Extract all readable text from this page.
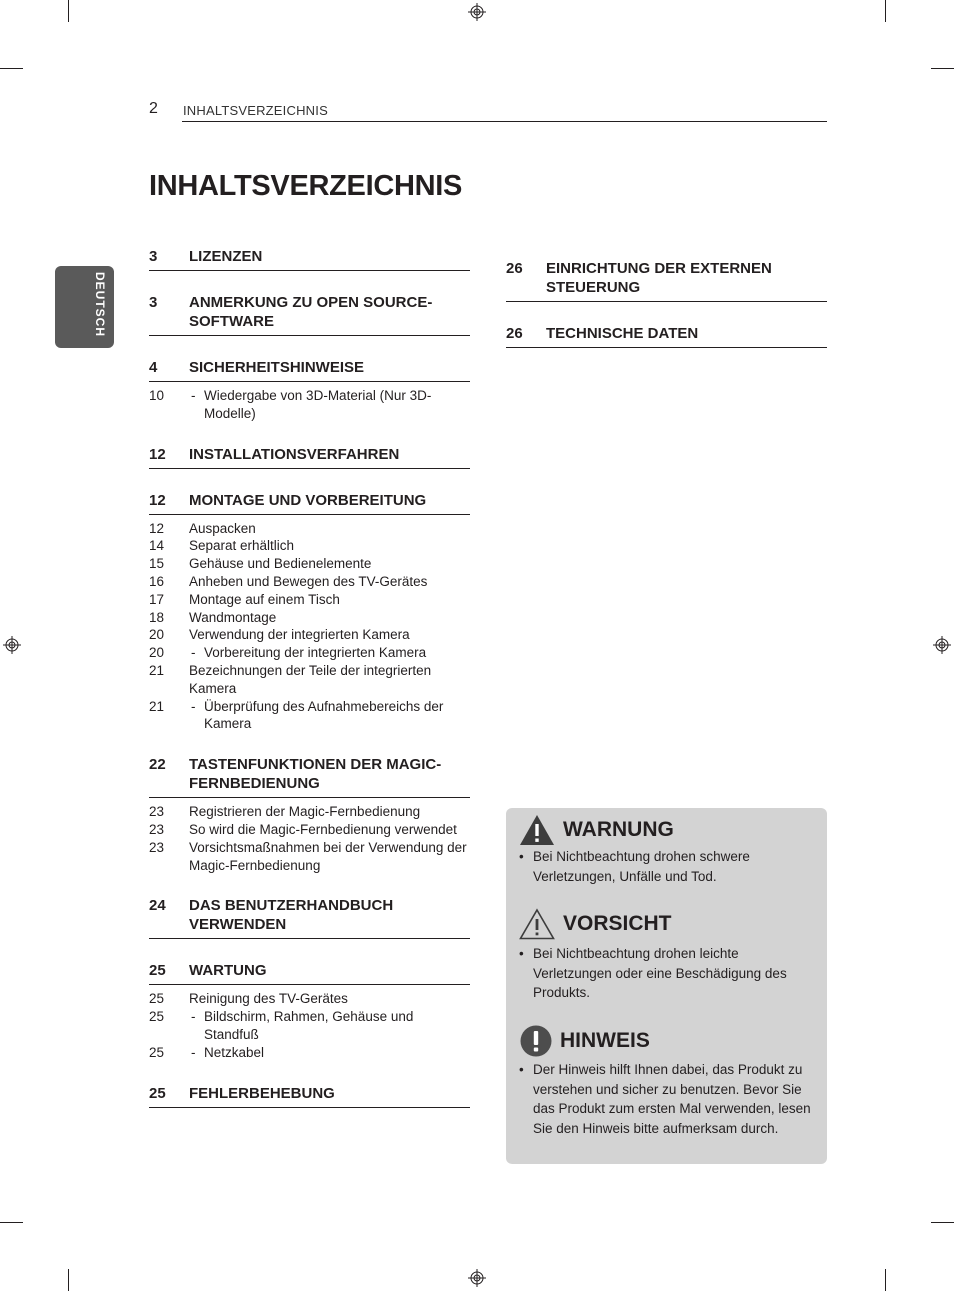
2 INHALTSVERZEICHNIS
INHALTSVERZEICHNIS
DEUTSCH
3	LIZENZEN
3	ANMERKUNG ZU OPEN SOURCE-SOFTWARE
4	SICHERHEITSHINWEISE
10	- Wiedergabe von 3D-Material (Nur 3D-Modelle)
12	INSTALLATIONSVERFAHREN
12	MONTAGE UND VORBEREITUNG
12	Auspacken
14	Separat erhältlich
15	Gehäuse und Bedienelemente
16	Anheben und Bewegen des TV-Gerätes
17	Montage auf einem Tisch
18	Wandmontage
20	Verwendung der integrierten Kamera
20	- Vorbereitung der integrierten Kamera
21	Bezeichnungen der Teile der integrierten Kamera
21	- Überprüfung des Aufnahmebereichs der Kamera
22	TASTENFUNKTIONEN DER MAGIC-FERNBEDIENUNG
23	Registrieren der Magic-Fernbedienung
23	So wird die Magic-Fernbedienung verwendet
23	Vorsichtsmaßnahmen bei der Verwendung der Magic-Fernbedienung
24	DAS BENUTZERHANDBUCH VERWENDEN
25	WARTUNG
25	Reinigung des TV-Gerätes
25	- Bildschirm, Rahmen, Gehäuse und Standfuß
25	- Netzkabel
25	FEHLERBEHEBUNG
26	EINRICHTUNG DER EXTERNEN STEUERUNG
26	TECHNISCHE DATEN
WARNUNG
• Bei Nichtbeachtung drohen schwere Verletzungen, Unfälle und Tod.
VORSICHT
• Bei Nichtbeachtung drohen leichte Verletzungen oder eine Beschädigung des Produkts.
HINWEIS
• Der Hinweis hilft Ihnen dabei, das Produkt zu verstehen und sicher zu benutzen. Bevor Sie das Produkt zum ersten Mal verwenden, lesen Sie den Hinweis bitte aufmerksam durch.
